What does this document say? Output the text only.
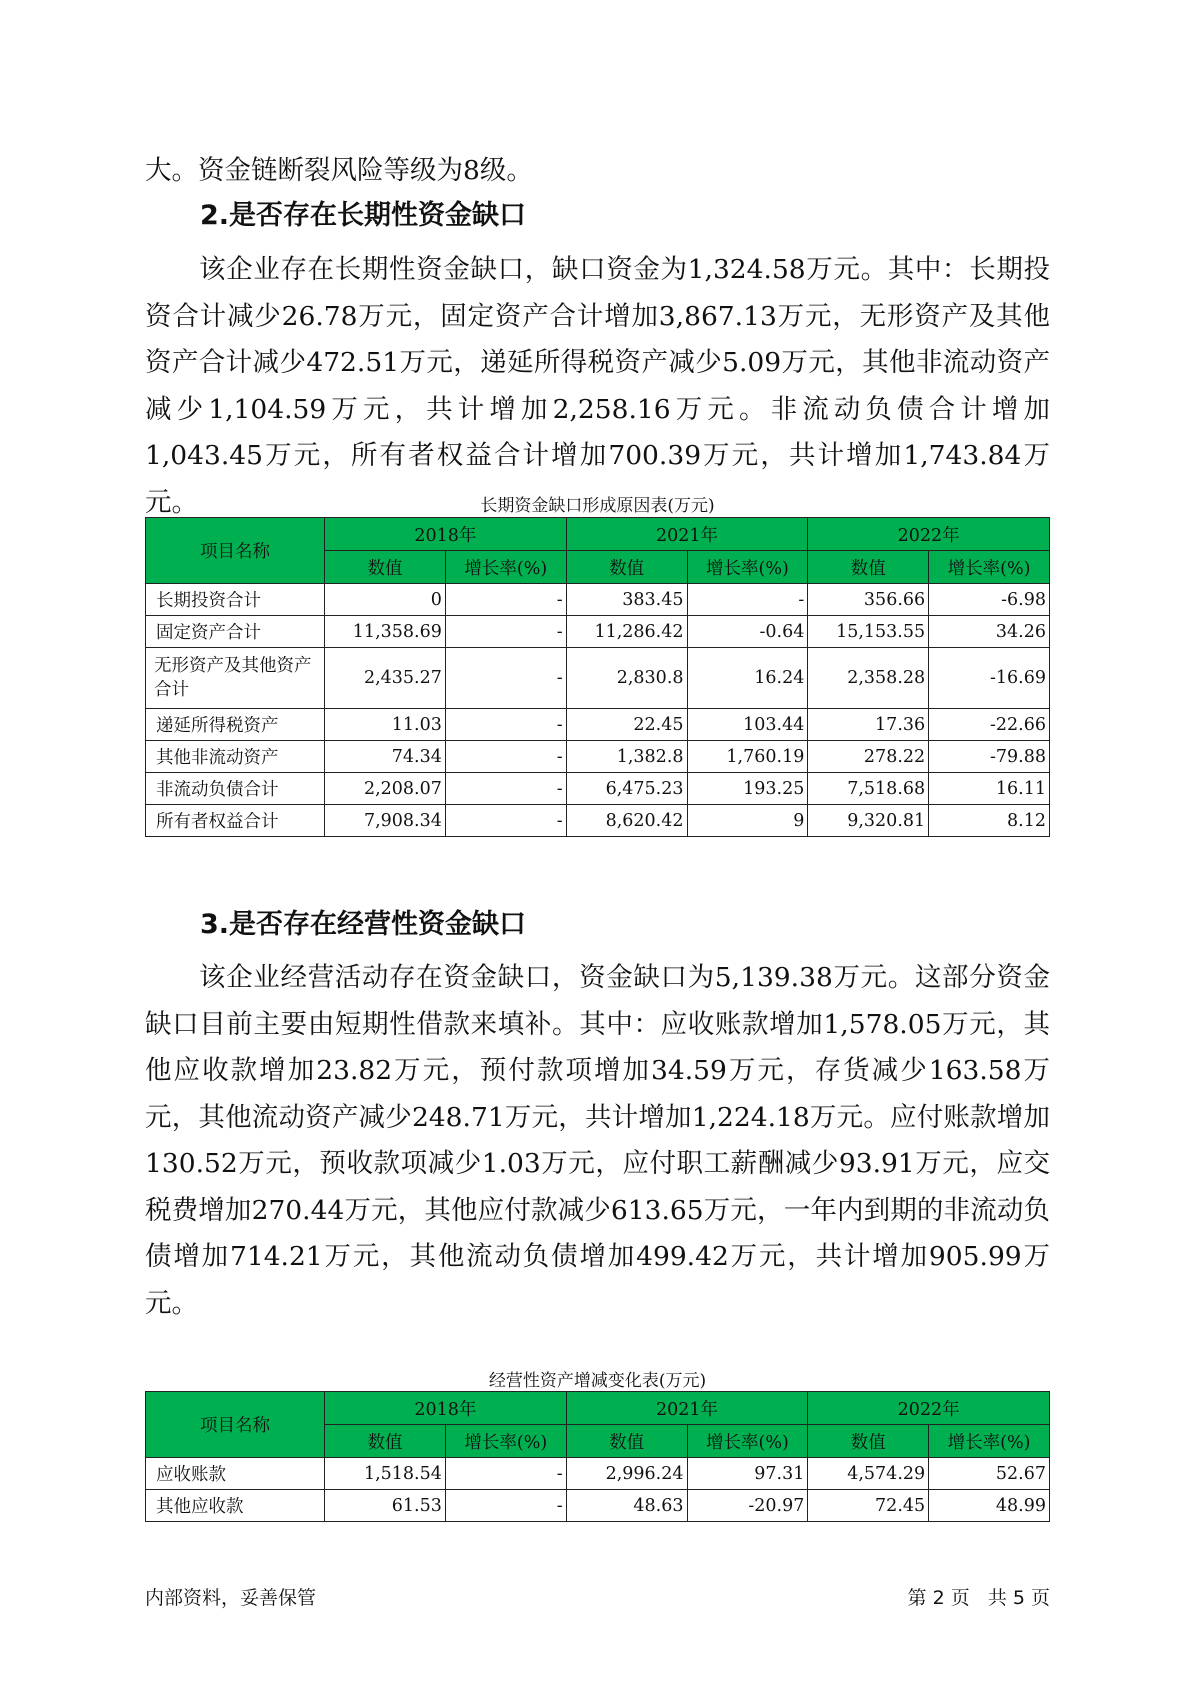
大。资金链断裂风险等级为8级。

2.是否存在长期性资金缺口

该企业存在长期性资金缺口，缺口资金为1,324.58万元。其中：长期投资合计减少26.78万元，固定资产合计增加3,867.13万元，无形资产及其他资产合计减少472.51万元，递延所得税资产减少5.09万元，其他非流动资产减少1,104.59万元，共计增加2,258.16万元。非流动负债合计增加1,043.45万元，所有者权益合计增加700.39万元，共计增加1,743.84万元。	长期资金缺口形成原因表(万元)

项目名称	2018年		2021年		2022年	
	数值	增长率(%)	数值	增长率(%)	数值	增长率(%)
长期投资合计	0	-	383.45	-	356.66	-6.98
固定资产合计	11,358.69	-	11,286.42	-0.64	15,153.55	34.26
无形资产及其他资产合计	2,435.27	-	2,830.8	16.24	2,358.28	-16.69
递延所得税资产	11.03	-	22.45	103.44	17.36	-22.66
其他非流动资产	74.34	-	1,382.8	1,760.19	278.22	-79.88
非流动负债合计	2,208.07	-	6,475.23	193.25	7,518.68	16.11
所有者权益合计	7,908.34	-	8,620.42	9	9,320.81	8.12
3.是否存在经营性资金缺口

该企业经营活动存在资金缺口，资金缺口为5,139.38万元。这部分资金缺口目前主要由短期性借款来填补。其中：应收账款增加1,578.05万元，其他应收款增加23.82万元，预付款项增加34.59万元，存货减少163.58万元，其他流动资产减少248.71万元，共计增加1,224.18万元。应付账款增加130.52万元，预收款项减少1.03万元，应付职工薪酬减少93.91万元，应交税费增加270.44万元，其他应付款减少613.65万元，一年内到期的非流动负债增加714.21万元，其他流动负债增加499.42万元，共计增加905.99万元。

经营性资产增减变化表(万元)

项目名称	2018年		2021年		2022年	
	数值	增长率(%)	数值	增长率(%)	数值	增长率(%)
应收账款	1,518.54	-	2,996.24	97.31	4,574.29	52.67
其他应收款	61.53	-	48.63	-20.97	72.45	48.99
内部资料，妥善保管	第 2 页   共 5 页
